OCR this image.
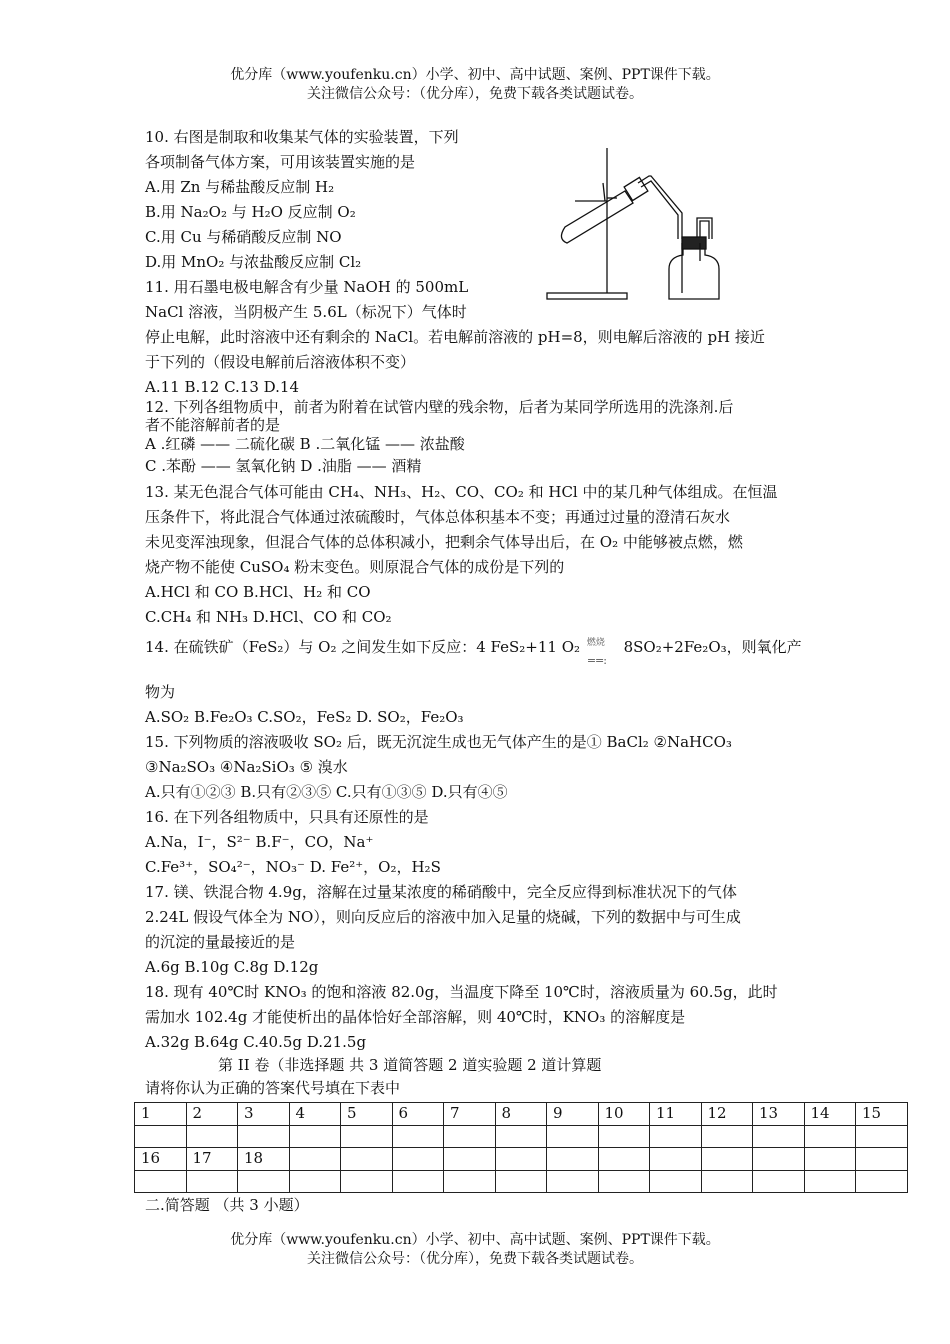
优分库（www.youfenku.cn）小学、初中、高中试题、案例、PPT课件下载。
关注微信公众号：（优分库），免费下载各类试题试卷。
10. 右图是制取和收集某气体的实验装置，下列
各项制备气体方案，可用该装置实施的是
A.用 Zn 与稀盐酸反应制 H₂
B.用 Na₂O₂ 与 H₂O 反应制 O₂
C.用 Cu 与稀硝酸反应制 NO
D.用 MnO₂ 与浓盐酸反应制 Cl₂
11. 用石墨电极电解含有少量 NaOH 的 500mL
NaCl 溶液，当阴极产生 5.6L（标况下）气体时
停止电解，此时溶液中还有剩余的 NaCl。若电解前溶液的 pH=8，则电解后溶液的 pH 接近
于下列的（假设电解前后溶液体积不变）
A.11 B.12 C.13 D.14
12. 下列各组物质中，前者为附着在试管内壁的残余物，后者为某同学所选用的洗涤剂.后
者不能溶解前者的是
A .红磷 —— 二硫化碳 B .二氧化锰 —— 浓盐酸
C .苯酚 —— 氢氧化钠 D .油脂 —— 酒精
13. 某无色混合气体可能由 CH₄、NH₃、H₂、CO、CO₂ 和 HCl 中的某几种气体组成。在恒温
压条件下，将此混合气体通过浓硫酸时，气体总体积基本不变；再通过过量的澄清石灰水
未见变浑浊现象，但混合气体的总体积减小，把剩余气体导出后，在 O₂ 中能够被点燃，燃
烧产物不能使 CuSO₄ 粉末变色。则原混合气体的成份是下列的
A.HCl 和 CO B.HCl、H₂ 和 CO
C.CH₄ 和 NH₃ D.HCl、CO 和 CO₂
14. 在硫铁矿（FeS₂）与 O₂ 之间发生如下反应：4 FeS₂+11 O₂ 燃烧
==:
8SO₂+2Fe₂O₃，则氧化产
物为
A.SO₂ B.Fe₂O₃ C.SO₂，FeS₂ D. SO₂，Fe₂O₃
15. 下列物质的溶液吸收 SO₂ 后，既无沉淀生成也无气体产生的是① BaCl₂ ②NaHCO₃
③Na₂SO₃ ④Na₂SiO₃ ⑤ 溴水
A.只有①②③ B.只有②③⑤ C.只有①③⑤ D.只有④⑤
16. 在下列各组物质中，只具有还原性的是
A.Na，I⁻，S²⁻ B.F⁻，CO，Na⁺
C.Fe³⁺，SO₄²⁻，NO₃⁻ D. Fe²⁺，O₂，H₂S
17. 镁、铁混合物 4.9g，溶解在过量某浓度的稀硝酸中，完全反应得到标准状况下的气体
2.24L 假设气体全为 NO），则向反应后的溶液中加入足量的烧碱，下列的数据中与可生成
的沉淀的量最接近的是
A.6g B.10g C.8g D.12g
18. 现有 40℃时 KNO₃ 的饱和溶液 82.0g，当温度下降至 10℃时，溶液质量为 60.5g，此时
需加水 102.4g 才能使析出的晶体恰好全部溶解，则 40℃时，KNO₃ 的溶解度是
A.32g B.64g C.40.5g D.21.5g
第 II 卷（非选择题 共 3 道简答题 2 道实验题 2 道计算题
请将你认为正确的答案代号填在下表中
1	2	3	4	5	6	7	8	9	10	11	12	13	14	15

16	17	18												

二.简答题 （共 3 小题）
优分库（www.youfenku.cn）小学、初中、高中试题、案例、PPT课件下载。
关注微信公众号：（优分库），免费下载各类试题试卷。
